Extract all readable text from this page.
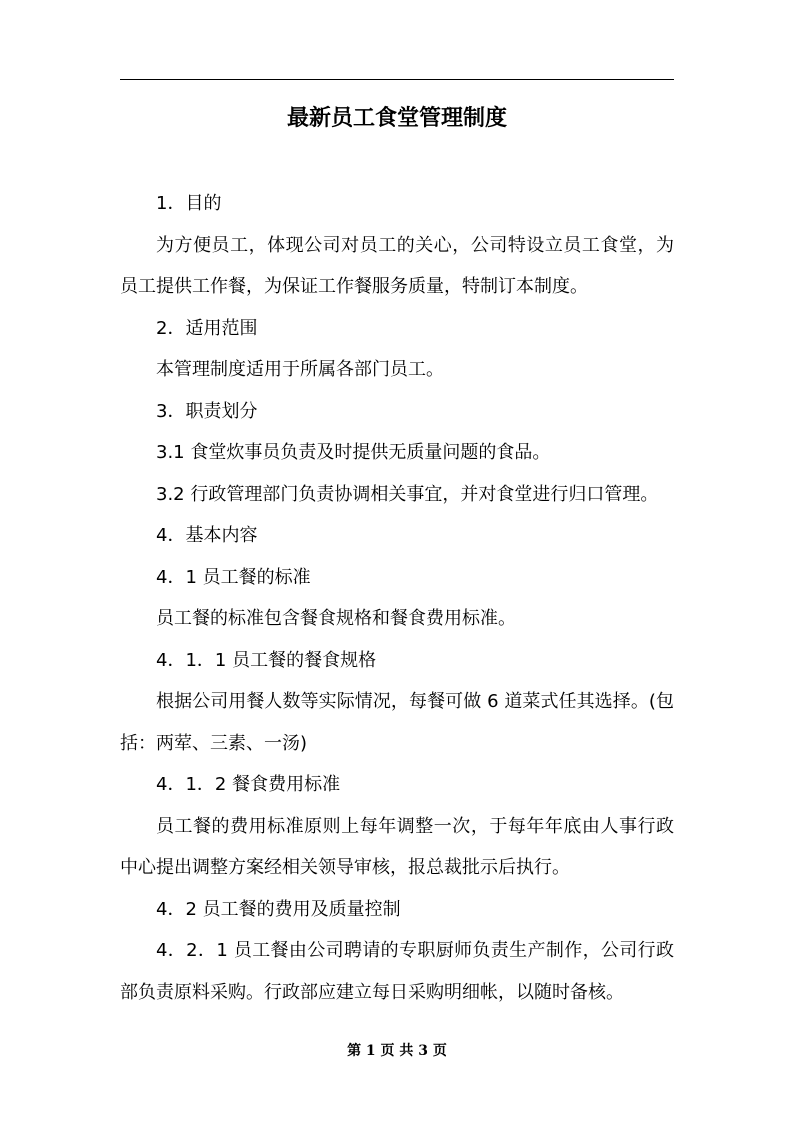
最新员工食堂管理制度

1．目的

为方便员工，体现公司对员工的关心，公司特设立员工食堂，为员工提供工作餐，为保证工作餐服务质量，特制订本制度。

2．适用范围

本管理制度适用于所属各部门员工。

3．职责划分

3.1 食堂炊事员负责及时提供无质量问题的食品。

3.2 行政管理部门负责协调相关事宜，并对食堂进行归口管理。

4．基本内容

4．1 员工餐的标准

员工餐的标准包含餐食规格和餐食费用标准。

4．1．1 员工餐的餐食规格

根据公司用餐人数等实际情况，每餐可做 6 道菜式任其选择。(包括：两荤、三素、一汤)

4．1．2 餐食费用标准

员工餐的费用标准原则上每年调整一次，于每年年底由人事行政中心提出调整方案经相关领导审核，报总裁批示后执行。

4．2 员工餐的费用及质量控制

4．2．1 员工餐由公司聘请的专职厨师负责生产制作，公司行政部负责原料采购。行政部应建立每日采购明细帐，以随时备核。

第 1 页 共 3 页
